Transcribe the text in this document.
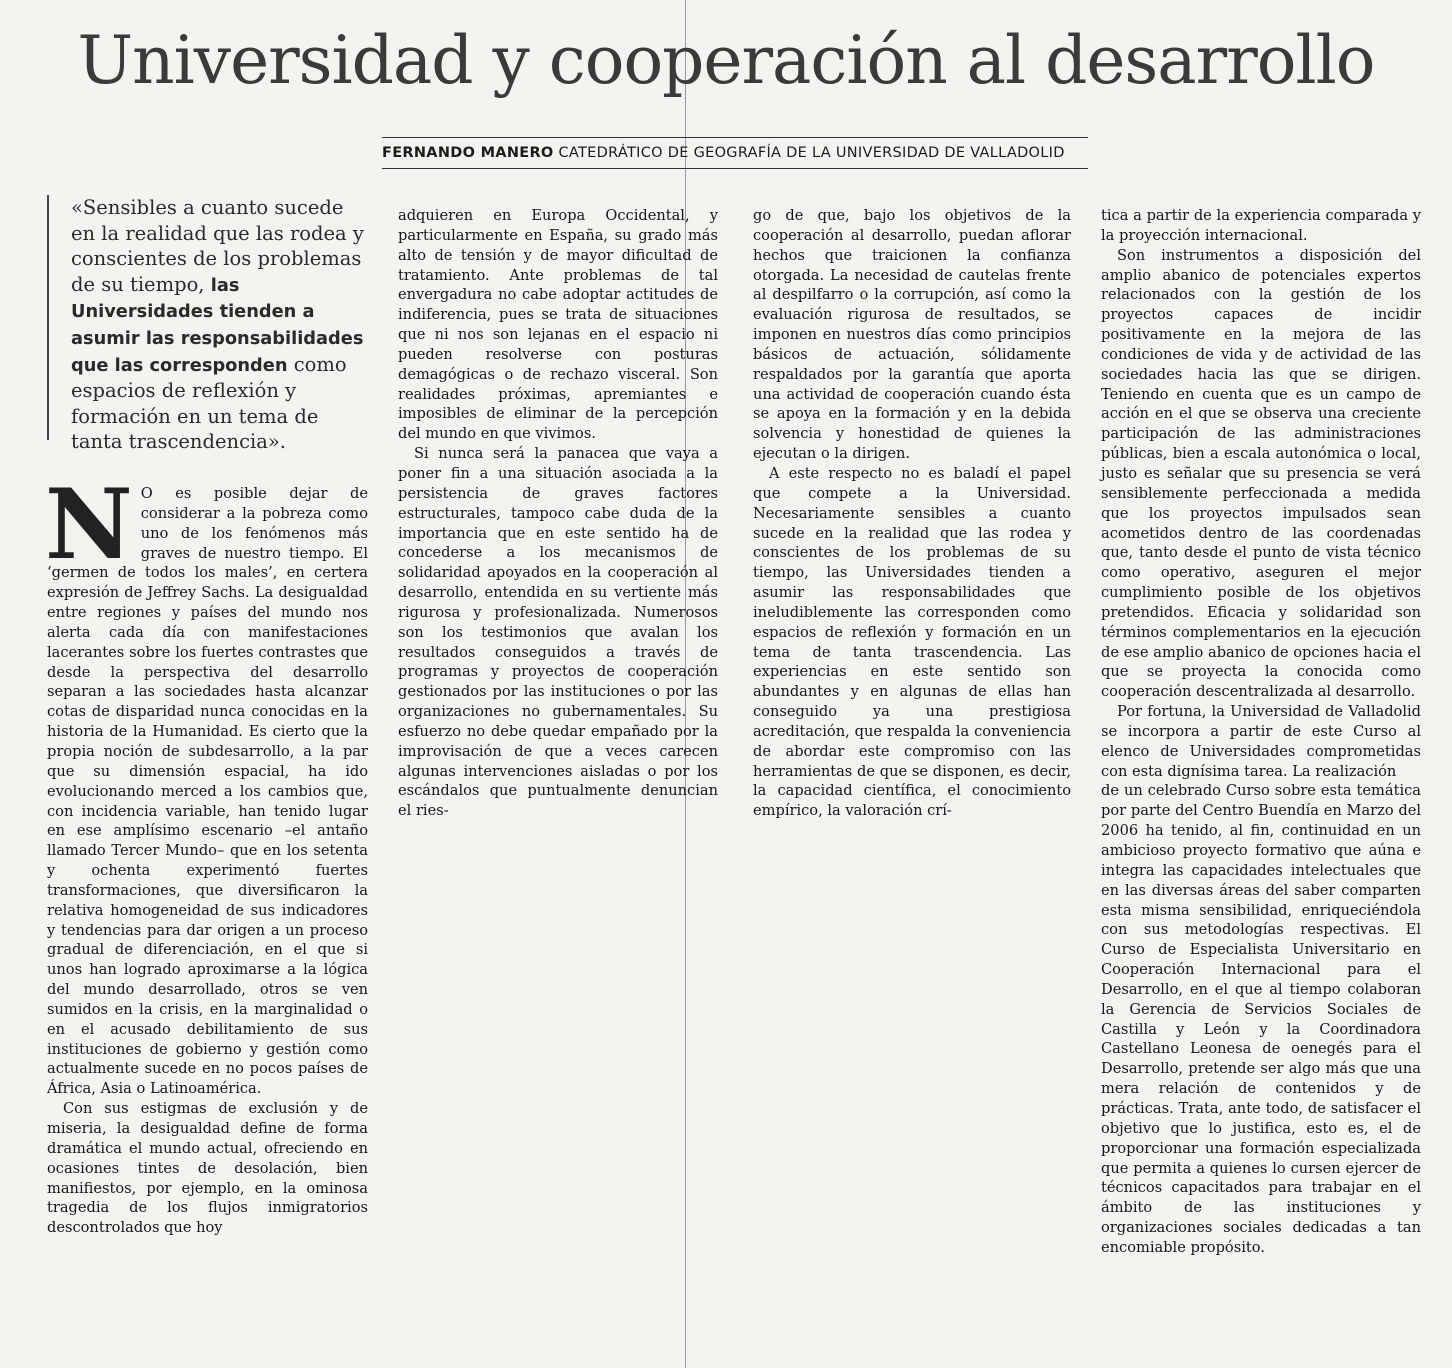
Universidad y cooperación al desarrollo
FERNANDO MANERO CATEDRÁTICO DE GEOGRAFÍA DE LA UNIVERSIDAD DE VALLADOLID
«Sensibles a cuanto sucede en la realidad que las rodea y conscientes de los problemas de su tiempo, las Universidades tienden a asumir las responsabilidades que las corresponden como espacios de reflexión y formación en un tema de tanta trascendencia».

N O es posible dejar de considerar a la pobreza como uno de los fenómenos más graves de nuestro tiempo. El ‘germen de todos los males’, en certera expresión de Jeffrey Sachs. La desigualdad entre regiones y países del mundo nos alerta cada día con manifestaciones lacerantes sobre los fuertes contrastes que desde la perspectiva del desarrollo separan a las sociedades hasta alcanzar cotas de disparidad nunca conocidas en la historia de la Humanidad. Es cierto que la propia noción de subdesarrollo, a la par que su dimensión espacial, ha ido evolucionando merced a los cambios que, con incidencia variable, han tenido lugar en ese amplísimo escenario –el antaño llamado Tercer Mundo– que en los setenta y ochenta experimentó fuertes transformaciones, que diversificaron la relativa homogeneidad de sus indicadores y tendencias para dar origen a un proceso gradual de diferenciación, en el que si unos han logrado aproximarse a la lógica del mundo desarrollado, otros se ven sumidos en la crisis, en la marginalidad o en el acusado debilitamiento de sus instituciones de gobierno y gestión como actualmente sucede en no pocos países de África, Asia o Latinoamérica.

Con sus estigmas de exclusión y de miseria, la desigualdad define de forma dramática el mundo actual, ofreciendo en ocasiones tintes de desolación, bien manifiestos, por ejemplo, en la ominosa tragedia de los flujos inmigratorios descontrolados que hoy

adquieren en Europa Occidental, y particularmente en España, su grado más alto de tensión y de mayor dificultad de tratamiento. Ante problemas de tal envergadura no cabe adoptar actitudes de indiferencia, pues se trata de situaciones que ni nos son lejanas en el espacio ni pueden resolverse con posturas demagógicas o de rechazo visceral. Son realidades próximas, apremiantes e imposibles de eliminar de la percepción del mundo en que vivimos.

Si nunca será la panacea que vaya a poner fin a una situación asociada a la persistencia de graves factores estructurales, tampoco cabe duda de la importancia que en este sentido ha de concederse a los mecanismos de solidaridad apoyados en la cooperación al desarrollo, entendida en su vertiente más rigurosa y profesionalizada. Numerosos son los testimonios que avalan los resultados conseguidos a través de programas y proyectos de cooperación gestionados por las instituciones o por las organizaciones no gubernamentales. Su esfuerzo no debe quedar empañado por la improvisación de que a veces carecen algunas intervenciones aisladas o por los escándalos que puntualmente denuncian el ries-

go de que, bajo los objetivos de la cooperación al desarrollo, puedan aflorar hechos que traicionen la confianza otorgada. La necesidad de cautelas frente al despilfarro o la corrupción, así como la evaluación rigurosa de resultados, se imponen en nuestros días como principios básicos de actuación, sólidamente respaldados por la garantía que aporta una actividad de cooperación cuando ésta se apoya en la formación y en la debida solvencia y honestidad de quienes la ejecutan o la dirigen.

A este respecto no es baladí el papel que compete a la Universidad. Necesariamente sensibles a cuanto sucede en la realidad que las rodea y conscientes de los problemas de su tiempo, las Universidades tienden a asumir las responsabilidades que ineludiblemente las corresponden como espacios de reflexión y formación en un tema de tanta trascendencia. Las experiencias en este sentido son abundantes y en algunas de ellas han conseguido ya una prestigiosa acreditación, que respalda la conveniencia de abordar este compromiso con las herramientas de que se disponen, es decir, la capacidad científica, el conocimiento empírico, la valoración crí-

tica a partir de la experiencia comparada y la proyección internacional.

Son instrumentos a disposición del amplio abanico de potenciales expertos relacionados con la gestión de los proyectos capaces de incidir positivamente en la mejora de las condiciones de vida y de actividad de las sociedades hacia las que se dirigen. Teniendo en cuenta que es un campo de acción en el que se observa una creciente participación de las administraciones públicas, bien a escala autonómica o local, justo es señalar que su presencia se verá sensiblemente perfeccionada a medida que los proyectos impulsados sean acometidos dentro de las coordenadas que, tanto desde el punto de vista técnico como operativo, aseguren el mejor cumplimiento posible de los objetivos pretendidos. Eficacia y solidaridad son términos complementarios en la ejecución de ese amplio abanico de opciones hacia el que se proyecta la conocida como cooperación descentralizada al desarrollo.

Por fortuna, la Universidad de Valladolid se incorpora a partir de este Curso al elenco de Universidades comprometidas con esta dignísima tarea. La realización

de un celebrado Curso sobre esta temática por parte del Centro Buendía en Marzo del 2006 ha tenido, al fin, continuidad en un ambicioso proyecto formativo que aúna e integra las capacidades intelectuales que en las diversas áreas del saber comparten esta misma sensibilidad, enriqueciéndola con sus metodologías respectivas. El Curso de Especialista Universitario en Cooperación Internacional para el Desarrollo, en el que al tiempo colaboran la Gerencia de Servicios Sociales de Castilla y León y la Coordinadora Castellano Leonesa de oenegés para el Desarrollo, pretende ser algo más que una mera relación de contenidos y de prácticas. Trata, ante todo, de satisfacer el objetivo que lo justifica, esto es, el de proporcionar una formación especializada que permita a quienes lo cursen ejercer de técnicos capacitados para trabajar en el ámbito de las instituciones y organizaciones sociales dedicadas a tan encomiable propósito.
